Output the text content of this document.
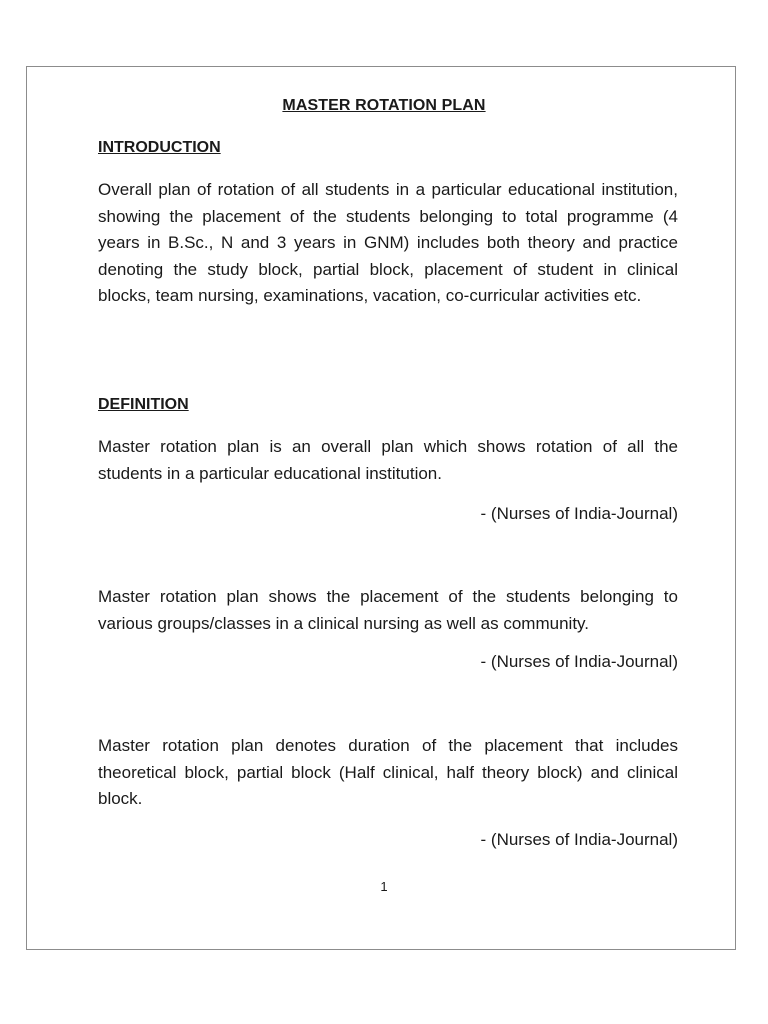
MASTER ROTATION PLAN
INTRODUCTION
Overall plan of rotation of all students in a particular educational institution, showing the placement of the students belonging to total programme (4 years in B.Sc., N and 3 years in GNM) includes both theory and practice denoting the study block, partial block, placement of student in clinical blocks, team nursing, examinations, vacation, co-curricular activities etc.
DEFINITION
Master rotation plan is an overall plan which shows rotation of all the students in a particular educational institution.
- (Nurses of India-Journal)
Master rotation plan shows the placement of the students belonging to various groups/classes in a clinical nursing as well as community.
- (Nurses of India-Journal)
Master rotation plan denotes duration of the placement that includes theoretical block, partial block (Half clinical, half theory block) and clinical block.
- (Nurses of India-Journal)
1
